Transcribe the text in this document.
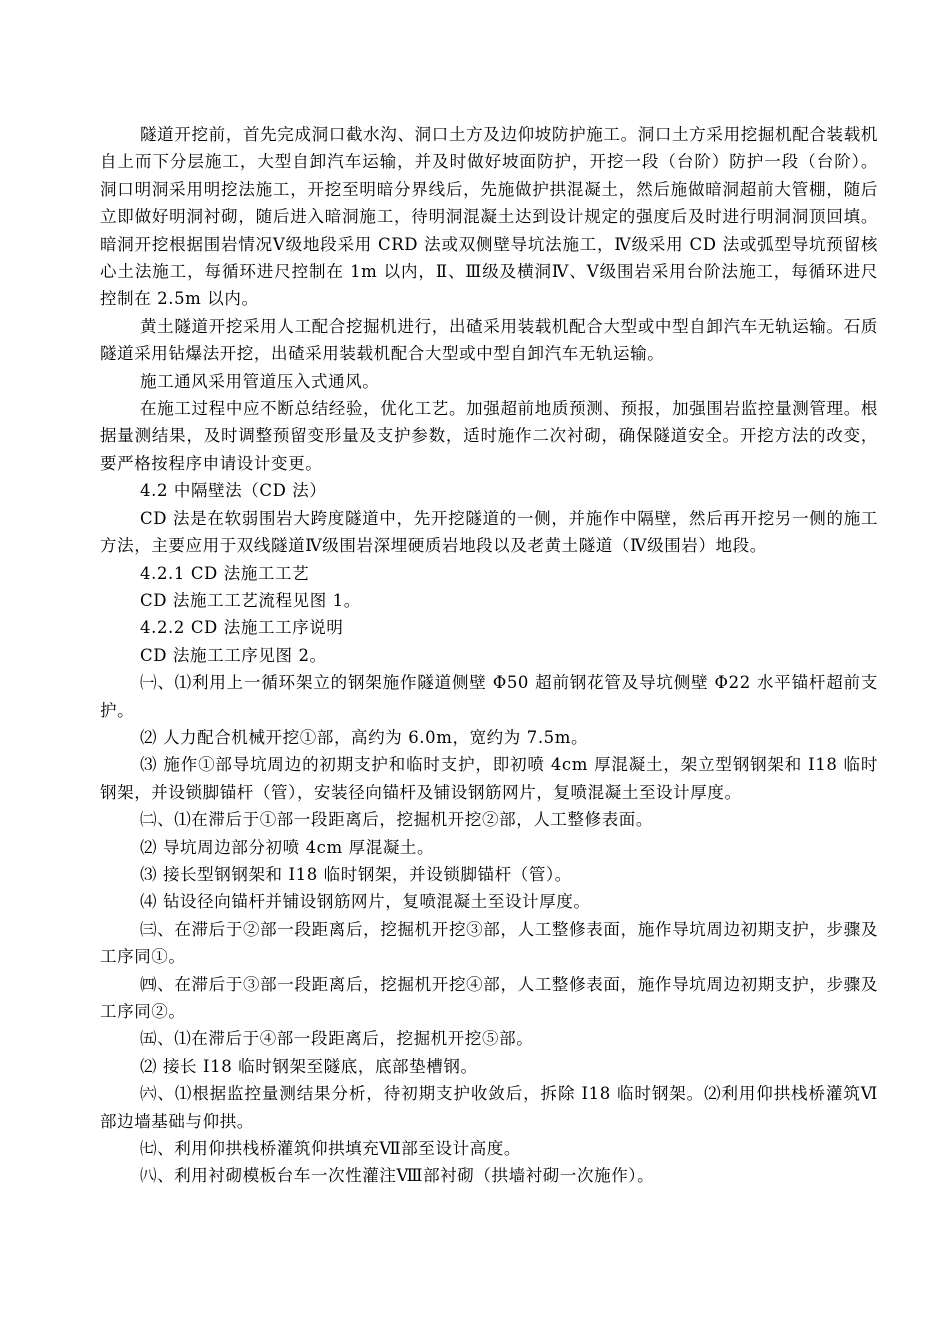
隧道开挖前，首先完成洞口截水沟、洞口土方及边仰坡防护施工。洞口土方采用挖掘机配合装载机自上而下分层施工，大型自卸汽车运输，并及时做好坡面防护，开挖一段（台阶）防护一段（台阶）。洞口明洞采用明挖法施工，开挖至明暗分界线后，先施做护拱混凝土，然后施做暗洞超前大管棚，随后立即做好明洞衬砌，随后进入暗洞施工，待明洞混凝土达到设计规定的强度后及时进行明洞洞顶回填。暗洞开挖根据围岩情况Ⅴ级地段采用 CRD 法或双侧壁导坑法施工，Ⅳ级采用 CD 法或弧型导坑预留核心土法施工，每循环进尺控制在 1m 以内，Ⅱ、Ⅲ级及横洞Ⅳ、Ⅴ级围岩采用台阶法施工，每循环进尺控制在 2.5m 以内。

黄土隧道开挖采用人工配合挖掘机进行，出碴采用装载机配合大型或中型自卸汽车无轨运输。石质隧道采用钻爆法开挖，出碴采用装载机配合大型或中型自卸汽车无轨运输。

施工通风采用管道压入式通风。

在施工过程中应不断总结经验，优化工艺。加强超前地质预测、预报，加强围岩监控量测管理。根据量测结果，及时调整预留变形量及支护参数，适时施作二次衬砌，确保隧道安全。开挖方法的改变，要严格按程序申请设计变更。

4.2 中隔壁法（CD 法）

CD 法是在软弱围岩大跨度隧道中，先开挖隧道的一侧，并施作中隔壁，然后再开挖另一侧的施工方法，主要应用于双线隧道Ⅳ级围岩深埋硬质岩地段以及老黄土隧道（Ⅳ级围岩）地段。

4.2.1 CD 法施工工艺

CD 法施工工艺流程见图 1。

4.2.2 CD 法施工工序说明

CD 法施工工序见图 2。

㈠、⑴利用上一循环架立的钢架施作隧道侧壁 Φ50 超前钢花管及导坑侧壁 Φ22 水平锚杆超前支护。

⑵ 人力配合机械开挖①部，高约为 6.0m，宽约为 7.5m。

⑶ 施作①部导坑周边的初期支护和临时支护，即初喷 4cm 厚混凝土，架立型钢钢架和 I18 临时钢架，并设锁脚锚杆（管），安装径向锚杆及铺设钢筋网片，复喷混凝土至设计厚度。

㈡、⑴在滞后于①部一段距离后，挖掘机开挖②部，人工整修表面。

⑵ 导坑周边部分初喷 4cm 厚混凝土。

⑶ 接长型钢钢架和 I18 临时钢架，并设锁脚锚杆（管）。

⑷ 钻设径向锚杆并铺设钢筋网片，复喷混凝土至设计厚度。

㈢、在滞后于②部一段距离后，挖掘机开挖③部，人工整修表面，施作导坑周边初期支护，步骤及工序同①。

㈣、在滞后于③部一段距离后，挖掘机开挖④部，人工整修表面，施作导坑周边初期支护，步骤及工序同②。

㈤、⑴在滞后于④部一段距离后，挖掘机开挖⑤部。

⑵ 接长 I18 临时钢架至隧底，底部垫槽钢。

㈥、⑴根据监控量测结果分析，待初期支护收敛后，拆除 I18 临时钢架。⑵利用仰拱栈桥灌筑Ⅵ部边墙基础与仰拱。

㈦、利用仰拱栈桥灌筑仰拱填充Ⅶ部至设计高度。

㈧、利用衬砌模板台车一次性灌注Ⅷ部衬砌（拱墙衬砌一次施作）。
